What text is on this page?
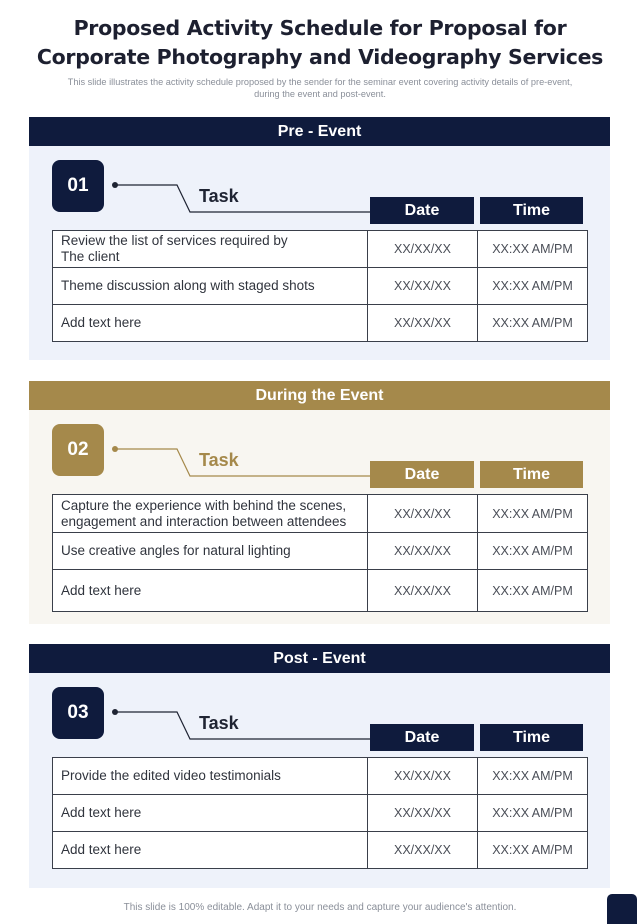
Proposed Activity Schedule for Proposal for
Corporate Photography and Videography Services
This slide illustrates the activity schedule proposed by the sender for the seminar event covering activity details of pre-event,
during the event and post-event.
Pre - Event
01	Task
Date	Time
Review the list of services required by
The client	XX/XX/XX	XX:XX AM/PM
Theme discussion along with staged shots	XX/XX/XX	XX:XX AM/PM
Add text here	XX/XX/XX	XX:XX AM/PM
During the Event
02	Task
Date	Time
Capture the experience with behind the scenes,
engagement and interaction between attendees	XX/XX/XX	XX:XX AM/PM
Use creative angles for natural lighting	XX/XX/XX	XX:XX AM/PM
Add text here	XX/XX/XX	XX:XX AM/PM
Post - Event
03	Task
Date	Time
Provide the edited video testimonials	XX/XX/XX	XX:XX AM/PM
Add text here	XX/XX/XX	XX:XX AM/PM
Add text here	XX/XX/XX	XX:XX AM/PM
This slide is 100% editable. Adapt it to your needs and capture your audience's attention.
